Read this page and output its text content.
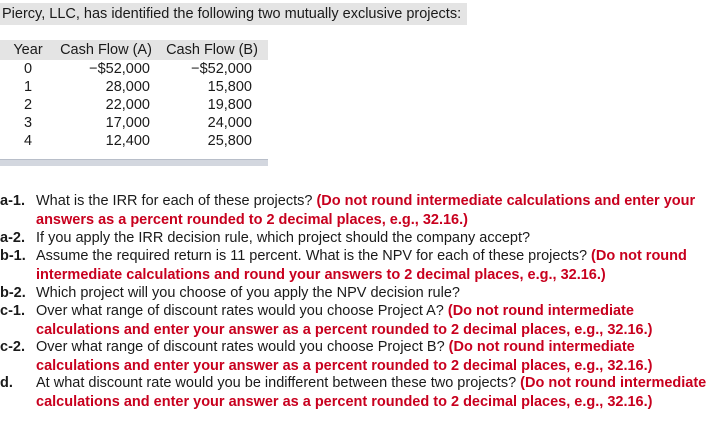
Piercy, LLC, has identified the following two mutually exclusive projects:
Year	Cash Flow (A) Cash Flow (B)
0	−$52,000	−$52,000
1	28,000	15,800
2	22,000	19,800
3	17,000	24,000
4	12,400	25,800
a-1. What is the IRR for each of these projects? (Do not round intermediate calculations and enter your answers as a percent rounded to 2 decimal places, e.g., 32.16.)
a-2. If you apply the IRR decision rule, which project should the company accept?
b-1. Assume the required return is 11 percent. What is the NPV for each of these projects? (Do not round intermediate calculations and round your answers to 2 decimal places, e.g., 32.16.)
b-2. Which project will you choose of you apply the NPV decision rule?
c-1. Over what range of discount rates would you choose Project A? (Do not round intermediate calculations and enter your answer as a percent rounded to 2 decimal places, e.g., 32.16.)
c-2. Over what range of discount rates would you choose Project B? (Do not round intermediate calculations and enter your answer as a percent rounded to 2 decimal places, e.g., 32.16.)
d. At what discount rate would you be indifferent between these two projects? (Do not round intermediate calculations and enter your answer as a percent rounded to 2 decimal places, e.g., 32.16.)
